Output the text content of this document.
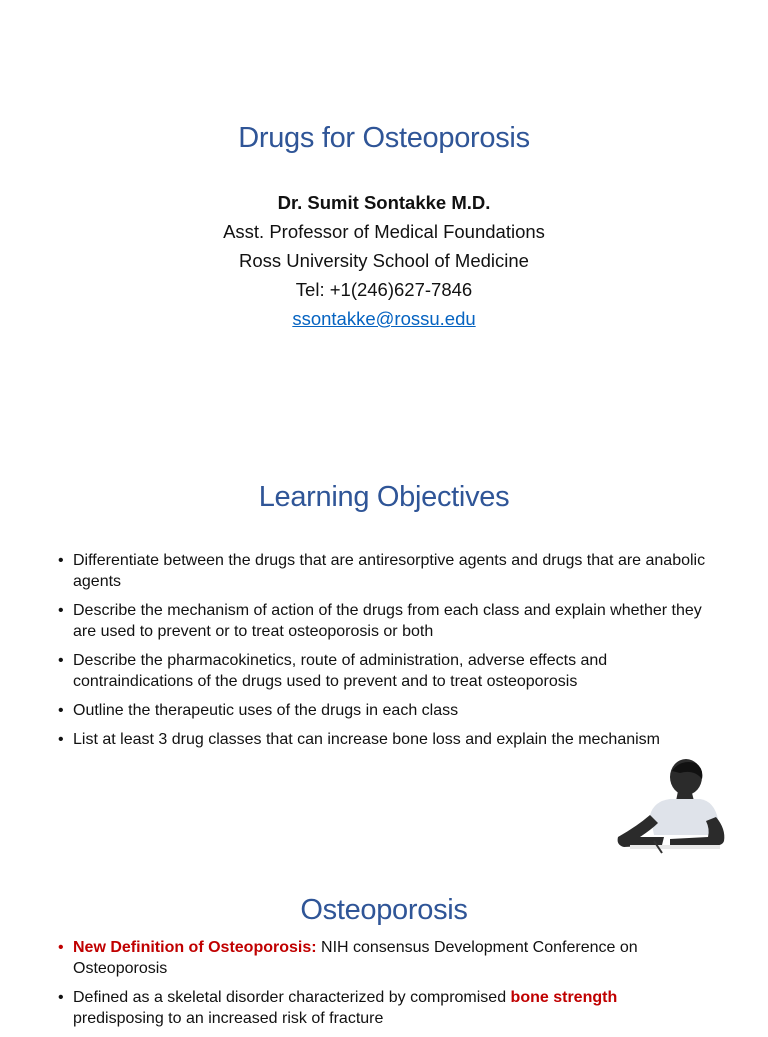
Drugs for Osteoporosis
Dr. Sumit Sontakke M.D.
Asst. Professor of Medical Foundations
Ross University School of Medicine
Tel: +1(246)627-7846
ssontakke@rossu.edu
Learning Objectives
• Differentiate between the drugs that are antiresorptive agents and drugs that are anabolic agents
• Describe the mechanism of action of the drugs from each class and explain whether they are used to prevent or to treat osteoporosis or both
• Describe the pharmacokinetics, route of administration, adverse effects and contraindications of the drugs used to prevent and to treat osteoporosis
• Outline the therapeutic uses of the drugs in each class
• List at least 3 drug classes that can increase bone loss and explain the mechanism
Osteoporosis
• New Definition of Osteoporosis: NIH consensus Development Conference on Osteoporosis
• Defined as a skeletal disorder characterized by compromised bone strength
predisposing to an increased risk of fracture
